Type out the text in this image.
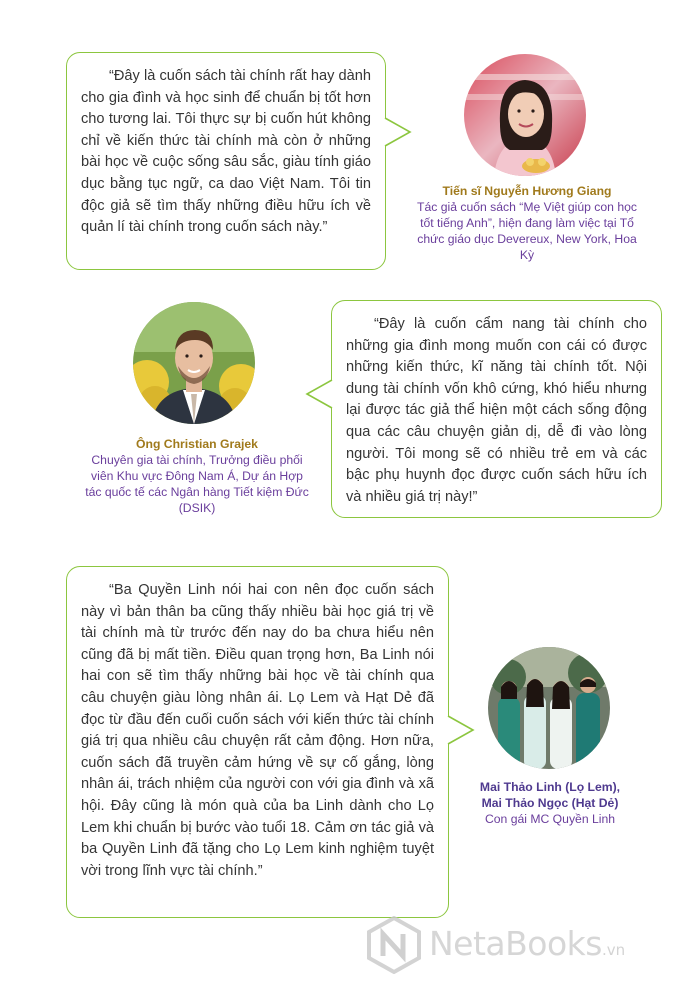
“Đây là cuốn sách tài chính rất hay dành cho gia đình và học sinh để chuẩn bị tốt hơn cho tương lai. Tôi thực sự bị cuốn hút không chỉ về kiến thức tài chính mà còn ở những bài học về cuộc sống sâu sắc, giàu tính giáo dục bằng tục ngữ, ca dao Việt Nam. Tôi tin độc giả sẽ tìm thấy những điều hữu ích về quản lí tài chính trong cuốn sách này.”

Tiến sĩ Nguyễn Hương Giang
Tác giả cuốn sách “Mẹ Việt giúp con học tốt tiếng Anh”, hiện đang làm việc tại Tổ chức giáo dục Devereux, New York, Hoa Kỳ

“Đây là cuốn cẩm nang tài chính cho những gia đình mong muốn con cái có được những kiến thức, kĩ năng tài chính tốt. Nội dung tài chính vốn khô cứng, khó hiểu nhưng lại được tác giả thể hiện một cách sống động qua các câu chuyện giản dị, dễ đi vào lòng người. Tôi mong sẽ có nhiều trẻ em và các bậc phụ huynh đọc được cuốn sách hữu ích và nhiều giá trị này!”

Ông Christian Grajek
Chuyên gia tài chính, Trưởng điều phối viên Khu vực Đông Nam Á, Dự án Hợp tác quốc tế các Ngân hàng Tiết kiệm Đức (DSIK)

“Ba Quyền Linh nói hai con nên đọc cuốn sách này vì bản thân ba cũng thấy nhiều bài học giá trị về tài chính mà từ trước đến nay do ba chưa hiểu nên cũng đã bị mất tiền. Điều quan trọng hơn, Ba Linh nói hai con sẽ tìm thấy những bài học về tài chính qua câu chuyện giàu lòng nhân ái. Lọ Lem và Hạt Dẻ đã đọc từ đầu đến cuối cuốn sách với kiến thức tài chính giá trị qua nhiều câu chuyện rất cảm động. Hơn nữa, cuốn sách đã truyền cảm hứng về sự cố gắng, lòng nhân ái, trách nhiệm của người con với gia đình và xã hội. Đây cũng là món quà của ba Linh dành cho Lọ Lem khi chuẩn bị bước vào tuổi 18. Cảm ơn tác giả và ba Quyền Linh đã tặng cho Lọ Lem kinh nghiệm tuyệt vời trong lĩnh vực tài chính.”

Mai Thảo Linh (Lọ Lem),
Mai Thảo Ngọc (Hạt Dẻ)
Con gái MC Quyền Linh
NetaBooks.vn
